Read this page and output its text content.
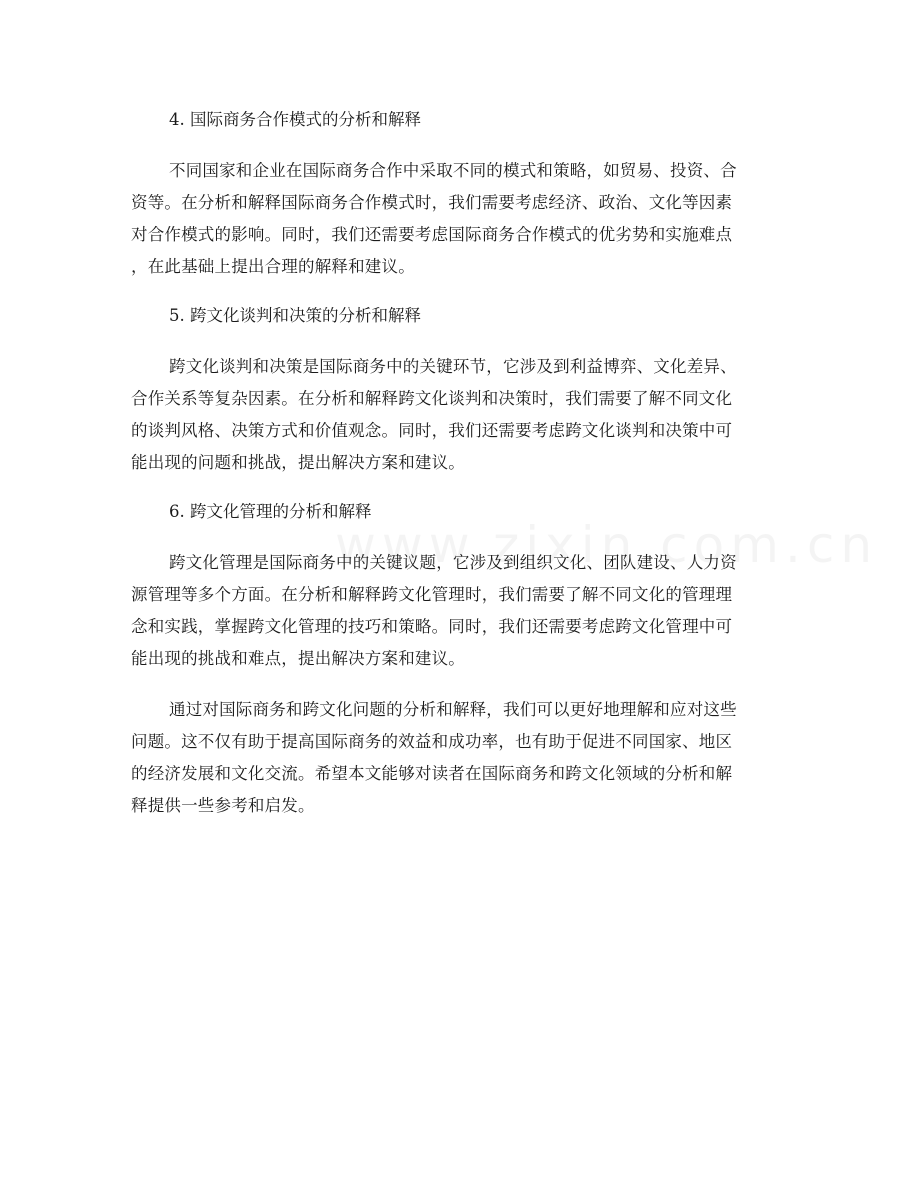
4. 国际商务合作模式的分析和解释
不同国家和企业在国际商务合作中采取不同的模式和策略，如贸易、投资、合
资等。在分析和解释国际商务合作模式时，我们需要考虑经济、政治、文化等因素
对合作模式的影响。同时，我们还需要考虑国际商务合作模式的优劣势和实施难点
，在此基础上提出合理的解释和建议。
5. 跨文化谈判和决策的分析和解释
跨文化谈判和决策是国际商务中的关键环节，它涉及到利益博弈、文化差异、
合作关系等复杂因素。在分析和解释跨文化谈判和决策时，我们需要了解不同文化
的谈判风格、决策方式和价值观念。同时，我们还需要考虑跨文化谈判和决策中可
能出现的问题和挑战，提出解决方案和建议。
6. 跨文化管理的分析和解释
跨文化管理是国际商务中的关键议题，它涉及到组织文化、团队建设、人力资
源管理等多个方面。在分析和解释跨文化管理时，我们需要了解不同文化的管理理
念和实践，掌握跨文化管理的技巧和策略。同时，我们还需要考虑跨文化管理中可
能出现的挑战和难点，提出解决方案和建议。
通过对国际商务和跨文化问题的分析和解释，我们可以更好地理解和应对这些
问题。这不仅有助于提高国际商务的效益和成功率，也有助于促进不同国家、地区
的经济发展和文化交流。希望本文能够对读者在国际商务和跨文化领域的分析和解
释提供一些参考和启发。
